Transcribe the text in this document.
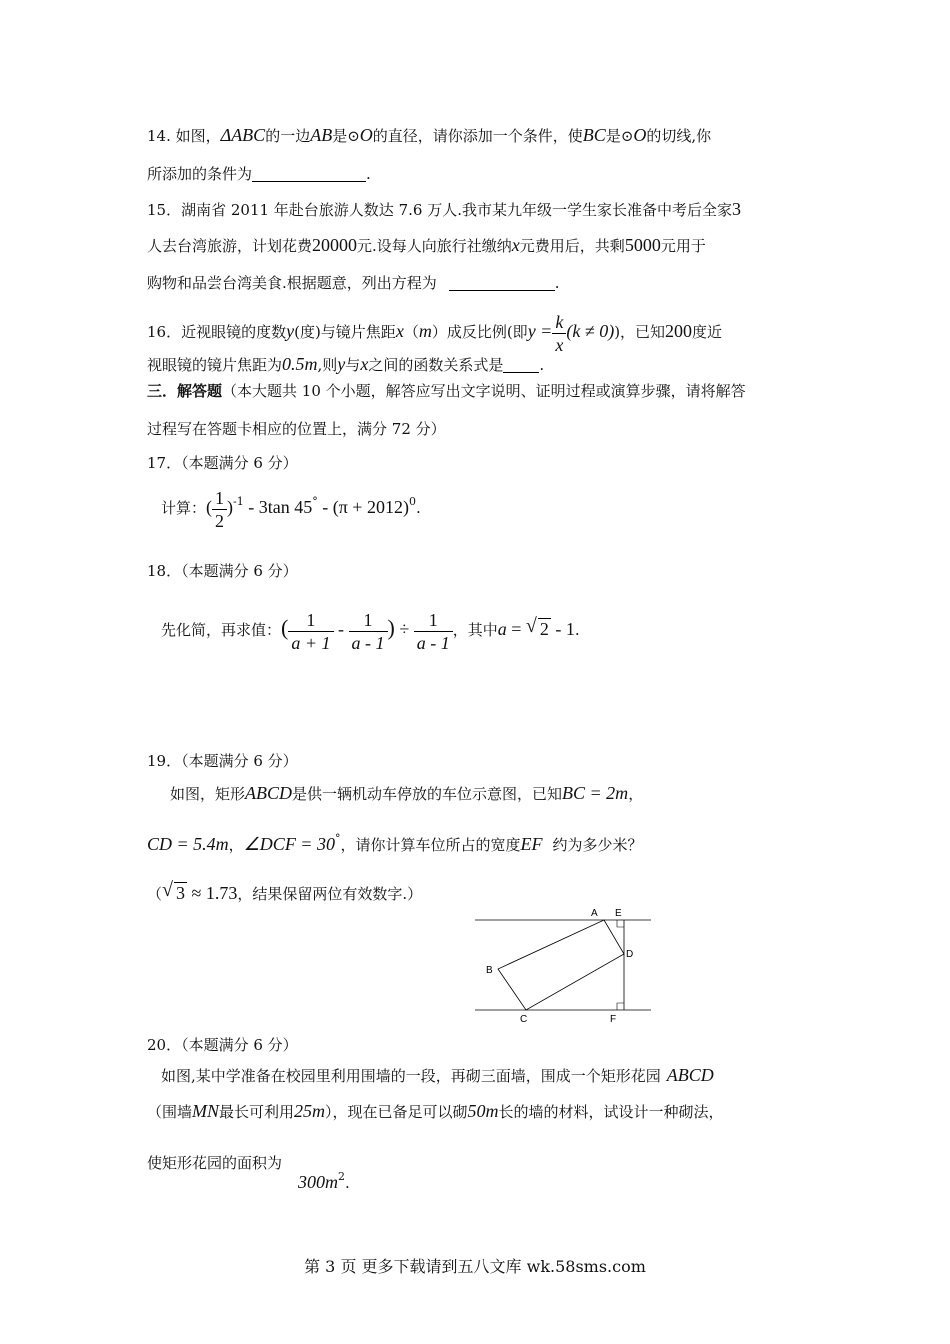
14. 如图，ΔABC的一边AB是⊙O的直径，请你添加一个条件，使BC是⊙O的切线,你
所添加的条件为	.
15．湖南省 2011 年赴台旅游人数达 7.6 万人.我市某九年级一学生家长准备中考后全家3
人去台湾旅游，计划花费20000元.设每人向旅行社缴纳x元费用后，共剩5000元用于
购物和品尝台湾美食.根据题意，列出方程为	.
16．近视眼镜的度数y(度)与镜片焦距x（m）成反比例(即$y = \frac{k}{x} (k \ne 0)$)，已知200度近
视眼镜的镜片焦距为0.5m,则y与x之间的函数关系式是 .
三．解答题（本大题共 10 个小题，解答应写出文字说明、证明过程或演算步骤，请将解答
过程写在答题卡相应的位置上，满分 72 分）
17．（本题满分 6 分）
计算：( $\frac{1}{2} )^{-1} - 3\tan$ $45^\circ - (\pi + 2012)^0$.
18．（本题满分 6 分）
先化简，再求值：( $\frac{1}{a + 1} - \frac{1}{a - 1}$ ) ÷ $\frac{1}{a - 1}$ ，其中a = √ 2 - 1.
19．（本题满分 6 分）
如图，矩形ABCD是供一辆机动车停放的车位示意图，已知BC = 2m，
CD = 5.4m，∠DCF = 30°，请你计算车位所占的宽度EF 约为多少米？
（ √ 3 ≈ 1.73，结果保留两位有效数字.）
A E
D
B
C	F
20．（本题满分 6 分）
如图,某中学准备在校园里利用围墙的一段，再砌三面墙，围成一个矩形花园 ABCD
（围墙MN最长可利用25m），现在已备足可以砌50m长的墙的材料，试设计一种砌法，
使矩形花园的面积为
$300m^2$.
第 3 页 更多下载请到五八文库 wk.58sms.com
